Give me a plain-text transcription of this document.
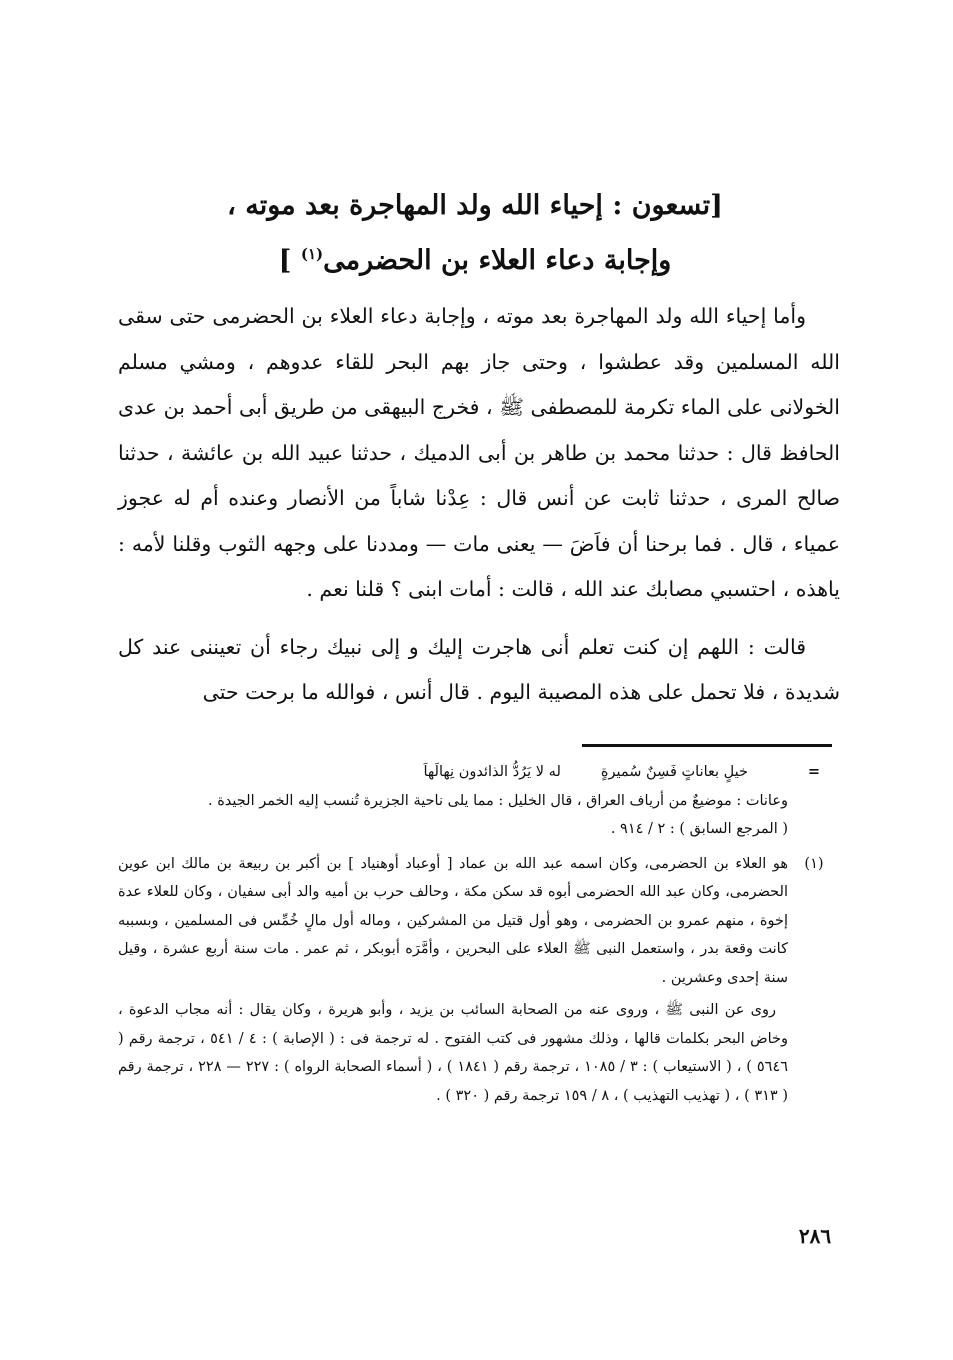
[تسعون : إحياء الله ولد المهاجرة بعد موته ،
وإجابة دعاء العلاء بن الحضرمى$^{(١)}$ ]

وأما إحياء الله ولد المهاجرة بعد موته ، وإجابة دعاء العلاء بن الحضرمى حتى سقى الله المسلمين وقد عطشوا ، وحتى جاز بهم البحر للقاء عدوهم ، ومشي مسلم الخولانى على الماء تكرمة للمصطفى ﷺ ، فخرج البيهقى من طريق أبى أحمد بن عدى الحافظ قال : حدثنا محمد بن طاهر بن أبى الدميك ، حدثنا عبيد الله بن عائشة ، حدثنا صالح المرى ، حدثنا ثابت عن أنس قال : عِدْنا شاباً من الأنصار وعنده أم له عجوز عمياء ، قال . فما برحنا أن فاَضَ — يعنى مات — ومددنا على وجهه الثوب وقلنا لأمه : ياهذه ، احتسبي مصابك عند الله ، قالت : أمات ابنى ؟ قلنا نعم .

قالت : اللهم إن كنت تعلم أنى هاجرت إليك و إلى نبيك رجاء أن تعيننى عند كل شديدة ، فلا تحمل على هذه المصيبة اليوم . قال أنس ، فوالله ما برحت حتى

=
خيلٍ بعاناتٍ فَسِنٌ سُميرةٍ
له لا يَرُدُّ الذائدون نِهالَهاَ
وعانات : موضيعٌ من أرياف العراق ، قال الخليل : مما يلى ناحية الجزيرة تُنسب إليه الخمر الجيدة .
( المرجع السابق ) : ٢ / ٩١٤ .
(١)

هو العلاء بن الحضرمى، وكان اسمه عبد الله بن عماد [ أوعباد أوهنياد ] بن أكبر بن ربيعة بن مالك ابن عوين الحضرمى، وكان عبد الله الحضرمى أبوه قد سكن مكة ، وحالف حرب بن أميه والد أبى سفيان ، وكان للعلاء عدة إخوة ، منهم عمرو بن الحضرمى ، وهو أول قتيل من المشركين ، وماله أول مالٍ خُمِّس فى المسلمين ، وبسببه كانت وقعة بدر ، واستعمل النبى ﷺ العلاء على البحرين ، وأمَّرَه أبوبكر ، ثم عمر . مات سنة أربع عشرة ، وقيل سنة إحدى وعشرين .

روى عن النبى ﷺ ، وروى عنه من الصحابة السائب بن يزيد ، وأبو هريرة ، وكان يقال : أنه مجاب الدعوة ، وخاض البحر بكلمات قالها ، وذلك مشهور فى كتب الفتوح . له ترجمة فى : ( الإصابة ) : ٤ / ٥٤١ ، ترجمة رقم ( ٥٦٤٦ ) ، ( الاستيعاب ) : ٣ / ١٠٨٥ ، ترجمة رقم ( ١٨٤١ ) ، ( أسماء الصحابة الرواه ) : ٢٢٧ — ٢٢٨ ، ترجمة رقم ( ٣١٣ ) ، ( تهذيب التهذيب ) ، ٨ / ١٥٩ ترجمة رقم ( ٣٢٠ ) .

٢٨٦
